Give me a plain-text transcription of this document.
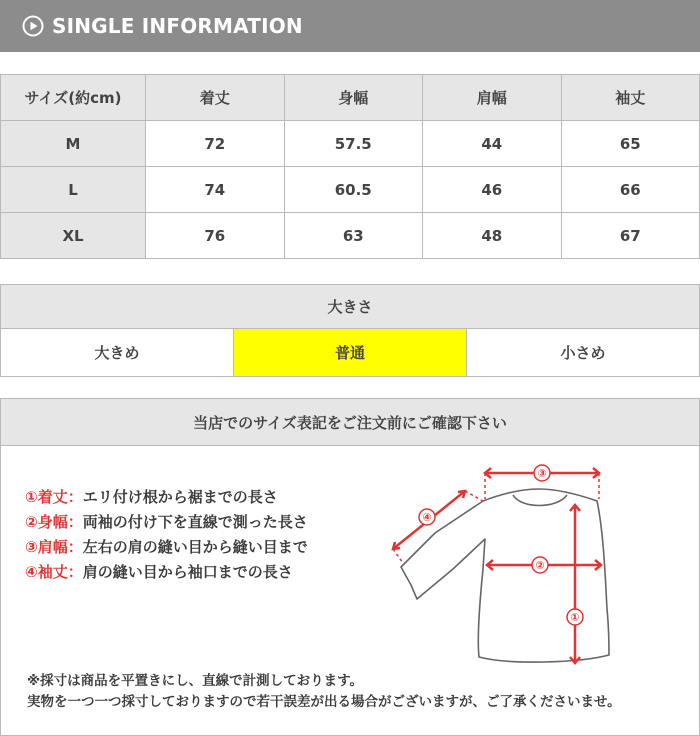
SINGLE INFORMATION
サイズ(約cm)	着丈	身幅	肩幅	袖丈
M	72	57.5	44	65
L	74	60.5	46	66
XL	76	63	48	67
大きさ
大きめ	普通	小さめ
当店でのサイズ表記をご注文前にご確認下さい
①着丈：エリ付け根から裾までの長さ
②身幅：両袖の付け下を直線で測った長さ
③肩幅：左右の肩の縫い目から縫い目まで
④袖丈：肩の縫い目から袖口までの長さ
③
④
②
①
※採寸は商品を平置きにし、直線で計測しております。
実物を一つ一つ採寸しておりますので若干誤差が出る場合がございますが、ご了承くださいませ。
